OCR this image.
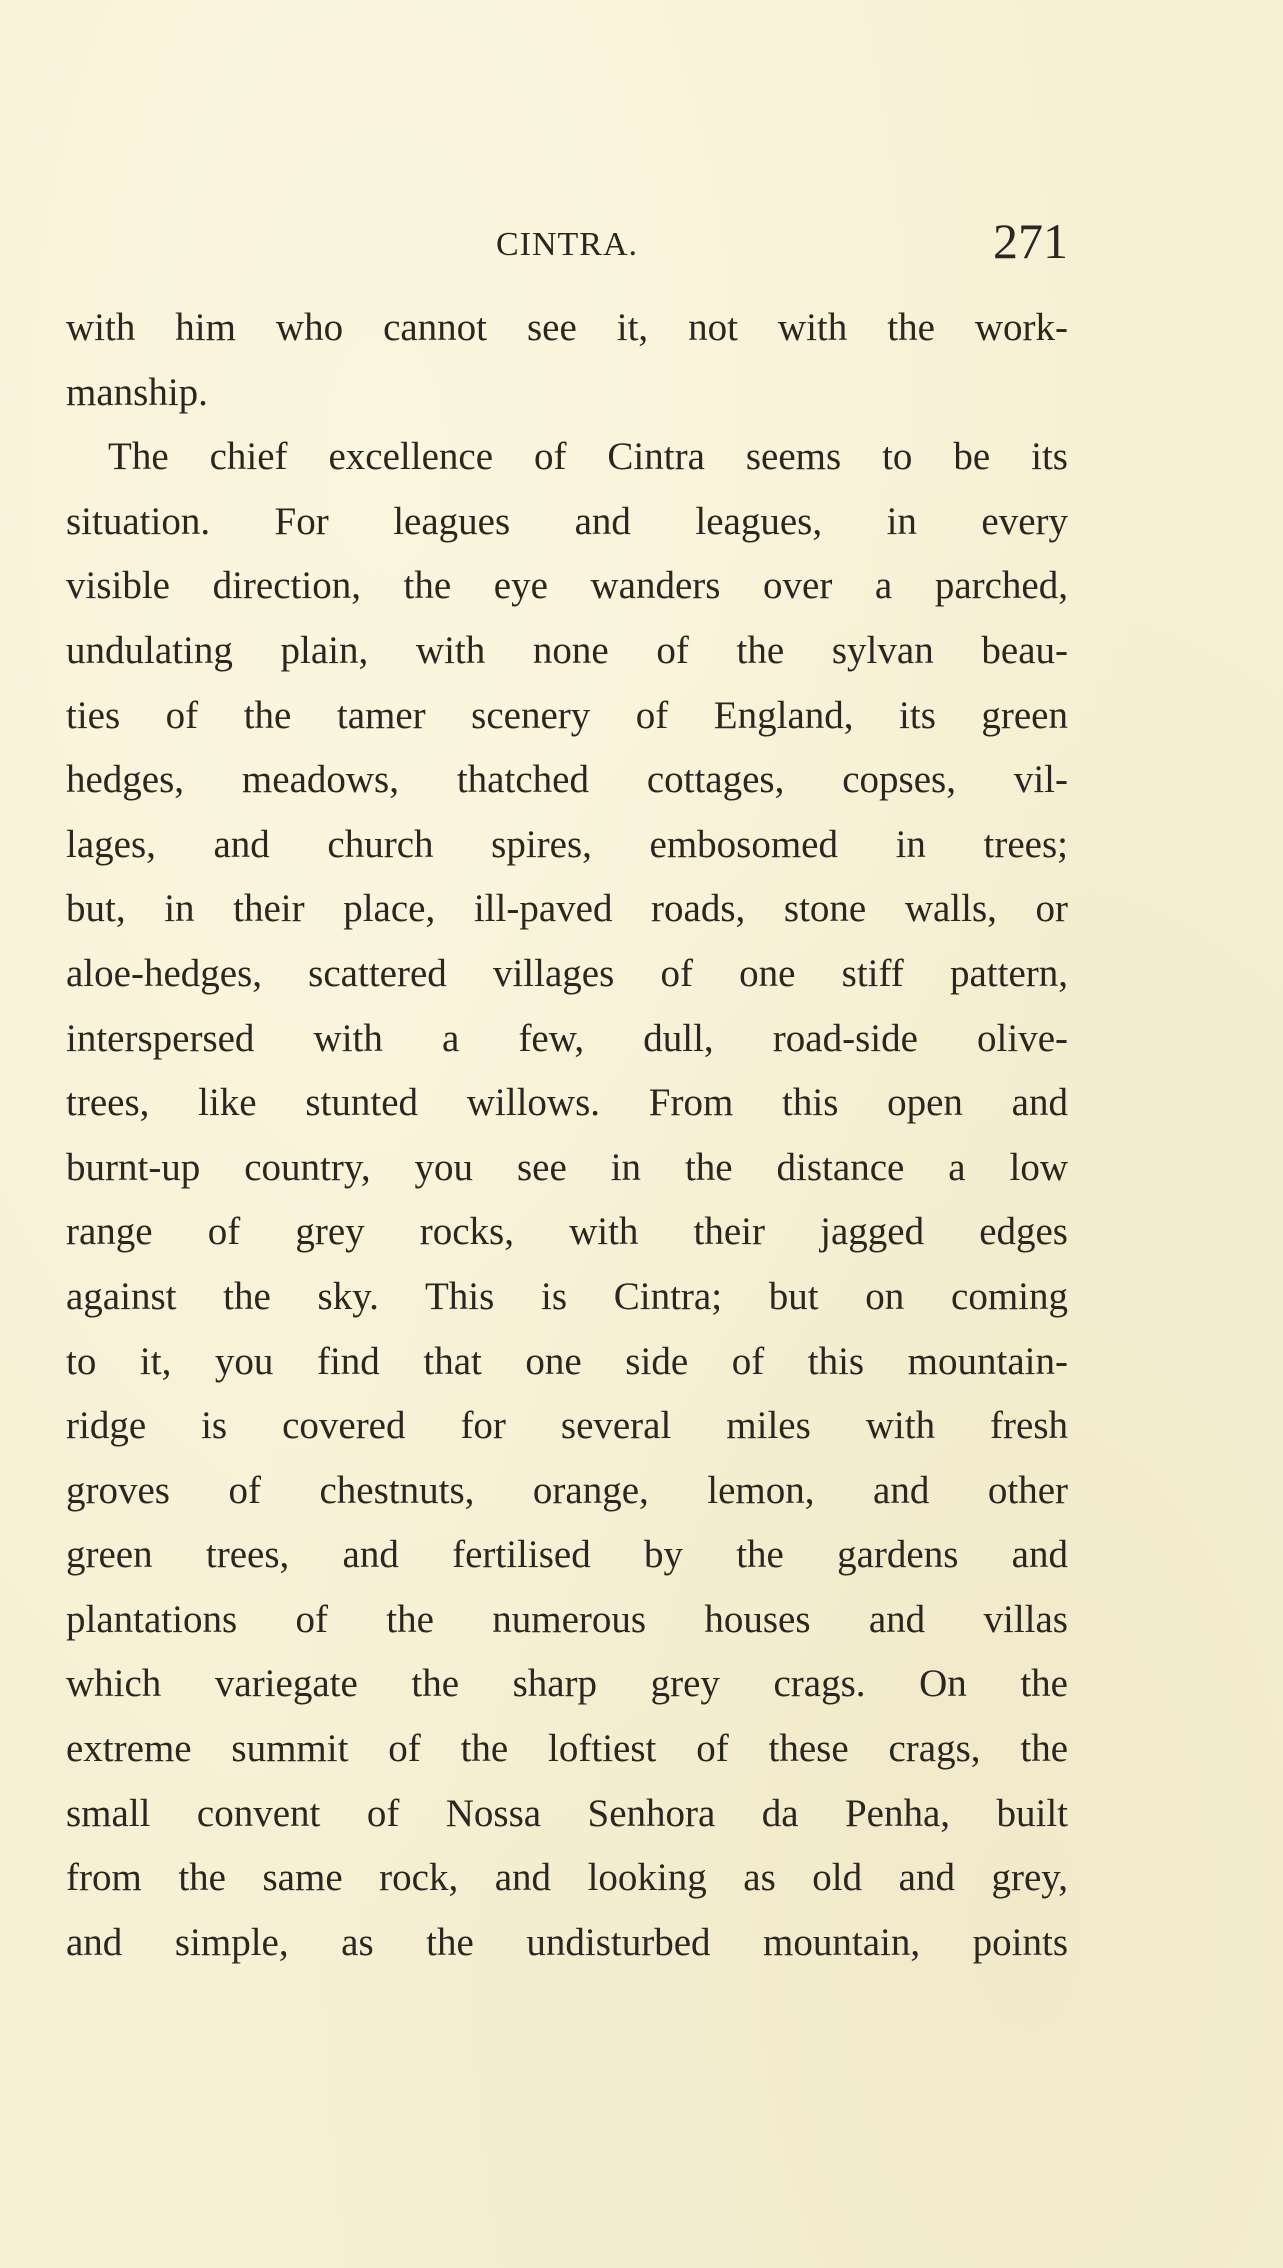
CINTRA.	271
with him who cannot see it, not with the work-
manship.
The chief excellence of Cintra seems to be its
situation. For leagues and leagues, in every
visible direction, the eye wanders over a parched,
undulating plain, with none of the sylvan beau-
ties of the tamer scenery of England, its green
hedges, meadows, thatched cottages, copses, vil-
lages, and church spires, embosomed in trees;
but, in their place, ill-paved roads, stone walls, or
aloe-hedges, scattered villages of one stiff pattern,
interspersed with a few, dull, road-side olive-
trees, like stunted willows. From this open and
burnt-up country, you see in the distance a low
range of grey rocks, with their jagged edges
against the sky. This is Cintra; but on coming
to it, you find that one side of this mountain-
ridge is covered for several miles with fresh
groves of chestnuts, orange, lemon, and other
green trees, and fertilised by the gardens and
plantations of the numerous houses and villas
which variegate the sharp grey crags. On the
extreme summit of the loftiest of these crags, the
small convent of Nossa Senhora da Penha, built
from the same rock, and looking as old and grey,
and simple, as the undisturbed mountain, points
